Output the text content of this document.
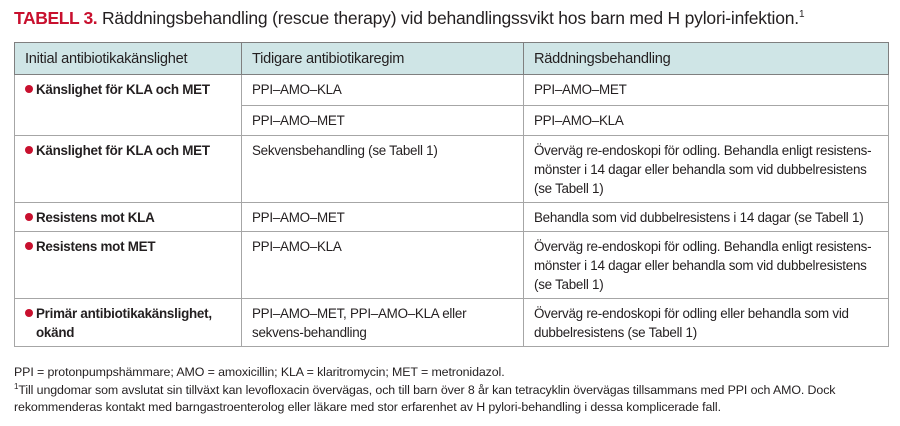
TABELL 3. Räddningsbehandling (rescue therapy) vid behandlingssvikt hos barn med H pylori-infektion.$^1$
Initial antibiotikakänslighet	Tidigare antibiotikaregim	Räddningsbehandling
Känslighet för KLA och MET	PPI–AMO–KLA	PPI–AMO–MET
	PPI–AMO–MET	PPI–AMO–KLA
Känslighet för KLA och MET	Sekvensbehandling (se Tabell 1)	Överväg re-endoskopi för odling. Behandla enligt resistens-mönster i 14 dagar eller behandla som vid dubbelresistens (se Tabell 1)
Resistens mot KLA	PPI–AMO–MET	Behandla som vid dubbelresistens i 14 dagar (se Tabell 1)
Resistens mot MET	PPI–AMO–KLA	Överväg re-endoskopi för odling. Behandla enligt resistens-mönster i 14 dagar eller behandla som vid dubbelresistens (se Tabell 1)
Primär antibiotikakänslighet,
okänd	PPI–AMO–MET, PPI–AMO–KLA eller sekvens-behandling	Överväg re-endoskopi för odling eller behandla som vid dubbelresistens (se Tabell 1)

PPI = protonpumpshämmare; AMO = amoxicillin; KLA = klaritromycin; MET = metronidazol.

$^1$Till ungdomar som avslutat sin tillväxt kan levofloxacin övervägas, och till barn över 8 år kan tetracyklin övervägas tillsammans med PPI och AMO. Dock rekommenderas kontakt med barngastroenterolog eller läkare med stor erfarenhet av H pylori-behandling i dessa komplicerade fall.
